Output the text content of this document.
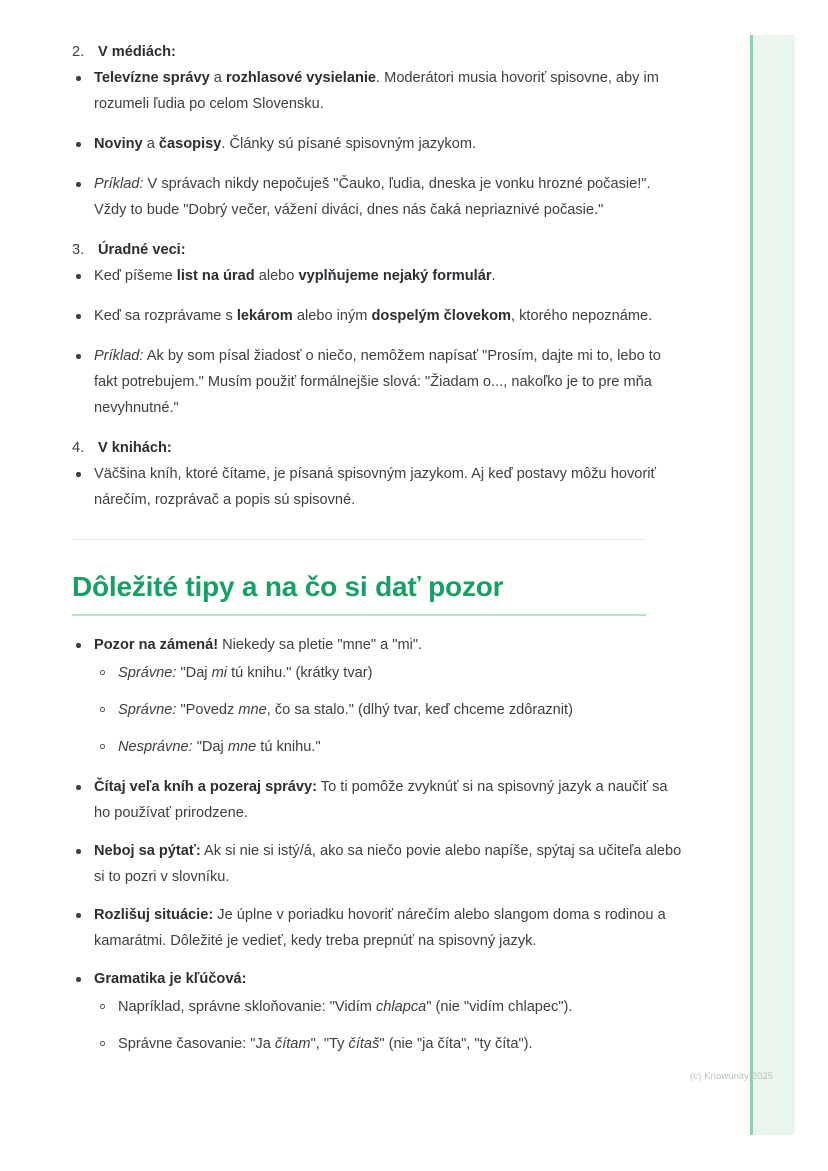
2. V médiách:
Televízne správy a rozhlasové vysielanie. Moderátori musia hovoriť spisovne, aby im rozumeli ľudia po celom Slovensku.
Noviny a časopisy. Články sú písané spisovným jazykom.
Príklad: V správach nikdy nepočuješ "Čauko, ľudia, dneska je vonku hrozné počasie!". Vždy to bude "Dobrý večer, vážení diváci, dnes nás čaká nepriaznivé počasie."
3. Úradné veci:
Keď píšeme list na úrad alebo vyplňujeme nejaký formulár.
Keď sa rozprávame s lekárom alebo iným dospelým človekom, ktorého nepoznáme.
Príklad: Ak by som písal žiadosť o niečo, nemôžem napísať "Prosím, dajte mi to, lebo to fakt potrebujem." Musím použiť formálnejšie slová: "Žiadam o..., nakoľko je to pre mňa nevyhnutné."
4. V knihách:
Väčšina kníh, ktoré čítame, je písaná spisovným jazykom. Aj keď postavy môžu hovoriť nárečím, rozprávač a popis sú spisovné.
Dôležité tipy a na čo si dať pozor
Pozor na zámená! Niekedy sa pletie "mne" a "mi".
Správne: "Daj mi tú knihu." (krátky tvar)
Správne: "Povedz mne, čo sa stalo." (dlhý tvar, keď chceme zdôraznit)
Nesprávne: "Daj mne tú knihu."
Čítaj veľa kníh a pozeraj správy: To ti pomôže zvyknúť si na spisovný jazyk a naučiť sa ho používať prirodzene.
Neboj sa pýtať: Ak si nie si istý/á, ako sa niečo povie alebo napíše, spýtaj sa učiteľa alebo si to pozri v slovníku.
Rozlišuj situácie: Je úplne v poriadku hovoriť nárečím alebo slangom doma s rodinou a kamarátmi. Dôležité je vedieť, kedy treba prepnúť na spisovný jazyk.
Gramatika je kľúčová:
Napríklad, správne skloňovanie: "Vidím chlapca" (nie "vidím chlapec").
Správne časovanie: "Ja čítam", "Ty čítaš" (nie "ja číta", "ty číta").
(c) Knowunity 2025
